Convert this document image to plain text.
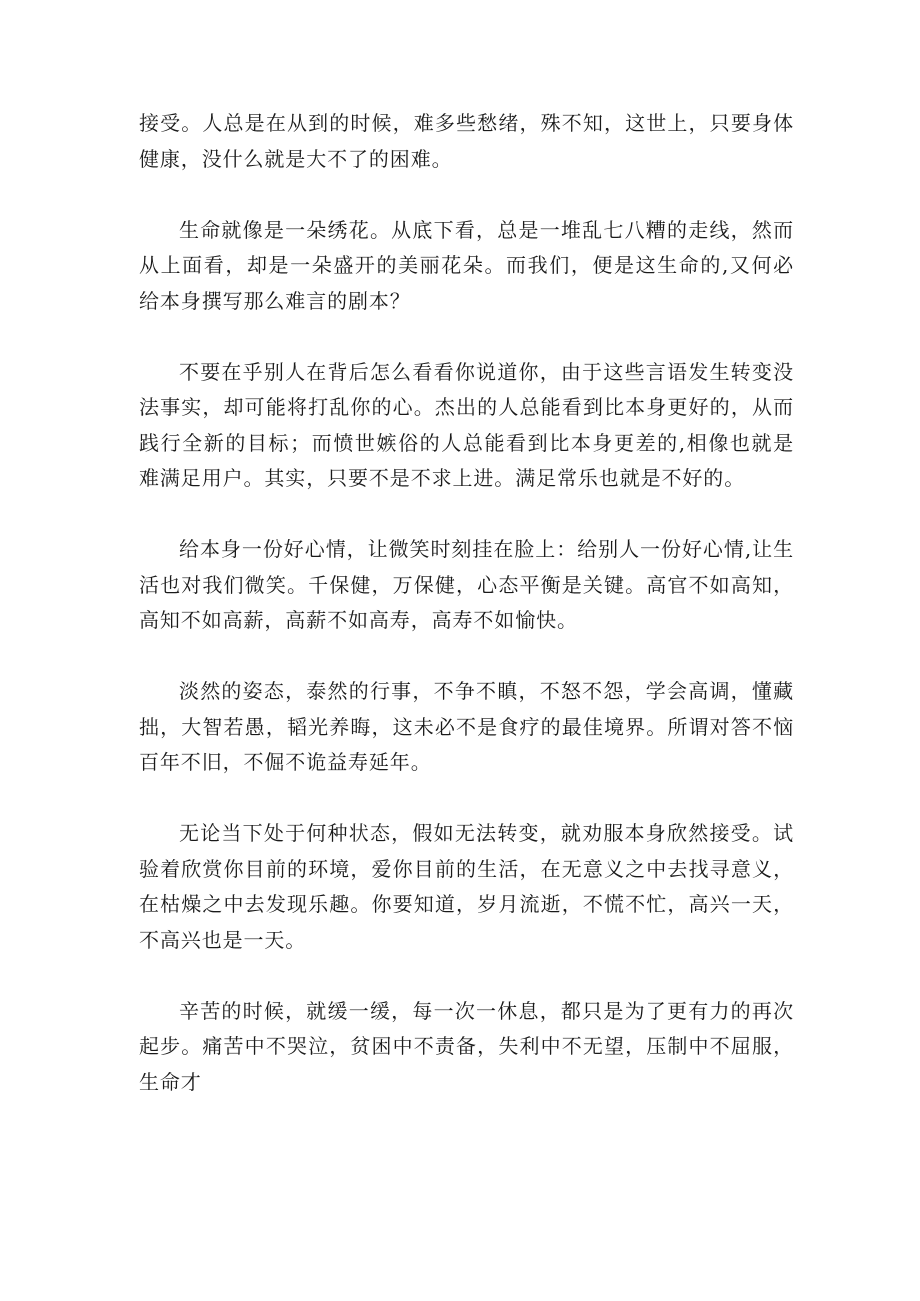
接受。人总是在从到的时候，难多些愁绪，殊不知，这世上，只要身体健康，没什么就是大不了的困难。

生命就像是一朵绣花。从底下看，总是一堆乱七八糟的走线，然而从上面看，却是一朵盛开的美丽花朵。而我们，便是这生命的,又何必给本身撰写那么难言的剧本？

不要在乎别人在背后怎么看看你说道你，由于这些言语发生转变没法事实，却可能将打乱你的心。杰出的人总能看到比本身更好的，从而践行全新的目标；而愤世嫉俗的人总能看到比本身更差的,相像也就是难满足用户。其实，只要不是不求上进。满足常乐也就是不好的。

给本身一份好心情，让微笑时刻挂在脸上：给别人一份好心情,让生活也对我们微笑。千保健，万保健，心态平衡是关键。高官不如高知，高知不如高薪，高薪不如高寿，高寿不如愉快。

淡然的姿态，泰然的行事，不争不瞋，不怒不怨，学会高调，懂藏拙，大智若愚，韬光养晦，这未必不是食疗的最佳境界。所谓对答不恼百年不旧，不倔不诡益寿延年。

无论当下处于何种状态，假如无法转变，就劝服本身欣然接受。试验着欣赏你目前的环境，爱你目前的生活，在无意义之中去找寻意义，在枯燥之中去发现乐趣。你要知道，岁月流逝，不慌不忙，高兴一天，不高兴也是一天。

辛苦的时候，就缓一缓，每一次一休息，都只是为了更有力的再次起步。痛苦中不哭泣，贫困中不责备，失利中不无望，压制中不屈服，生命才
